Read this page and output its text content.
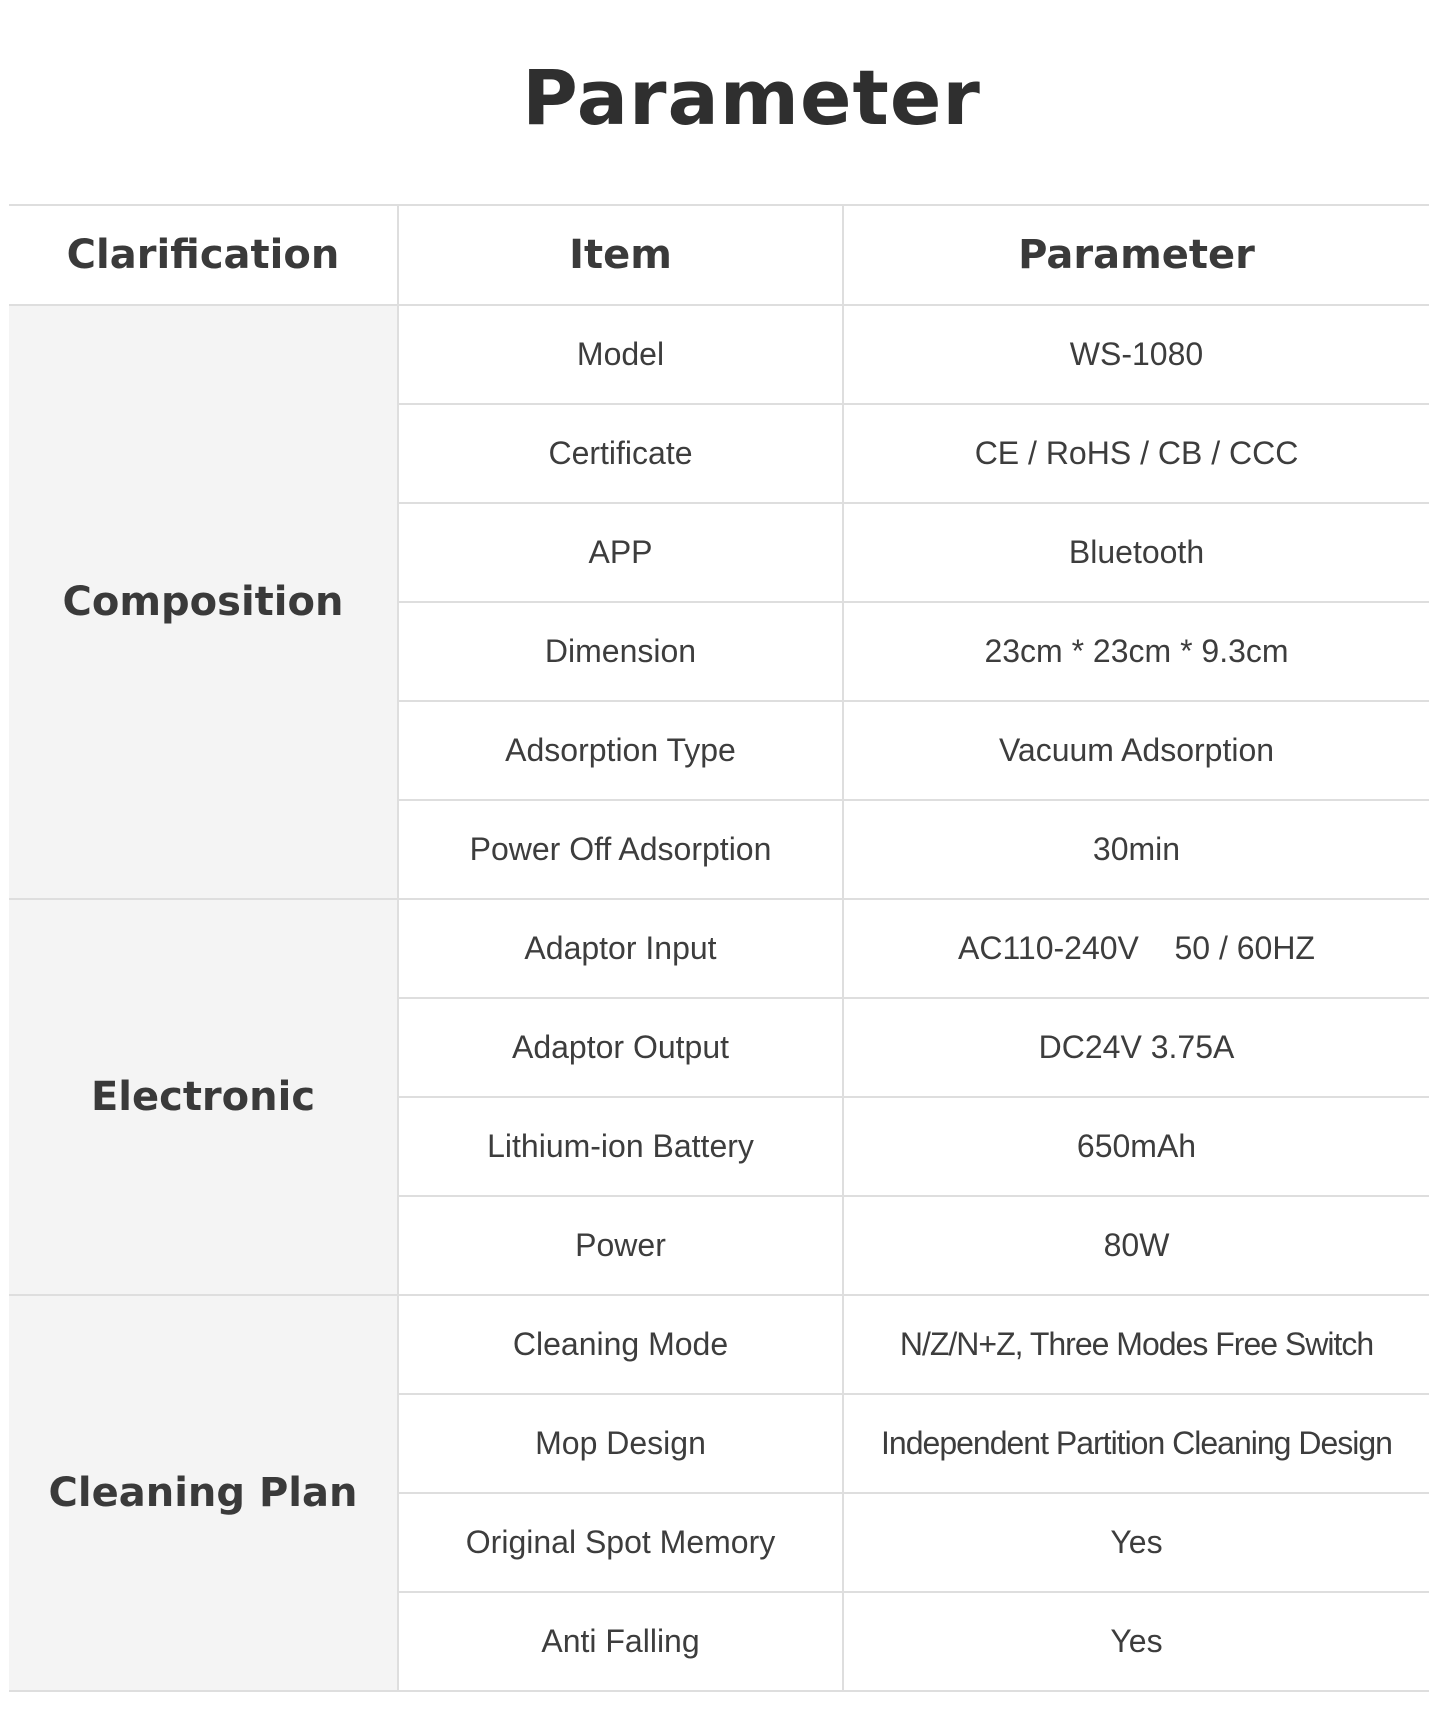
Parameter
Clarification	Item	Parameter
Composition	Model	WS-1080
	Certificate	CE / RoHS / CB / CCC
	APP	Bluetooth
	Dimension	23cm * 23cm * 9.3cm
	Adsorption Type	Vacuum Adsorption
	Power Off Adsorption	30min
Electronic	Adaptor Input	AC110-240V    50 / 60HZ
	Adaptor Output	DC24V 3.75A
	Lithium-ion Battery	650mAh
	Power	80W
Cleaning Plan	Cleaning Mode	N/Z/N+Z, Three Modes Free Switch
	Mop Design	Independent Partition Cleaning Design
	Original Spot Memory	Yes
	Anti Falling	Yes
